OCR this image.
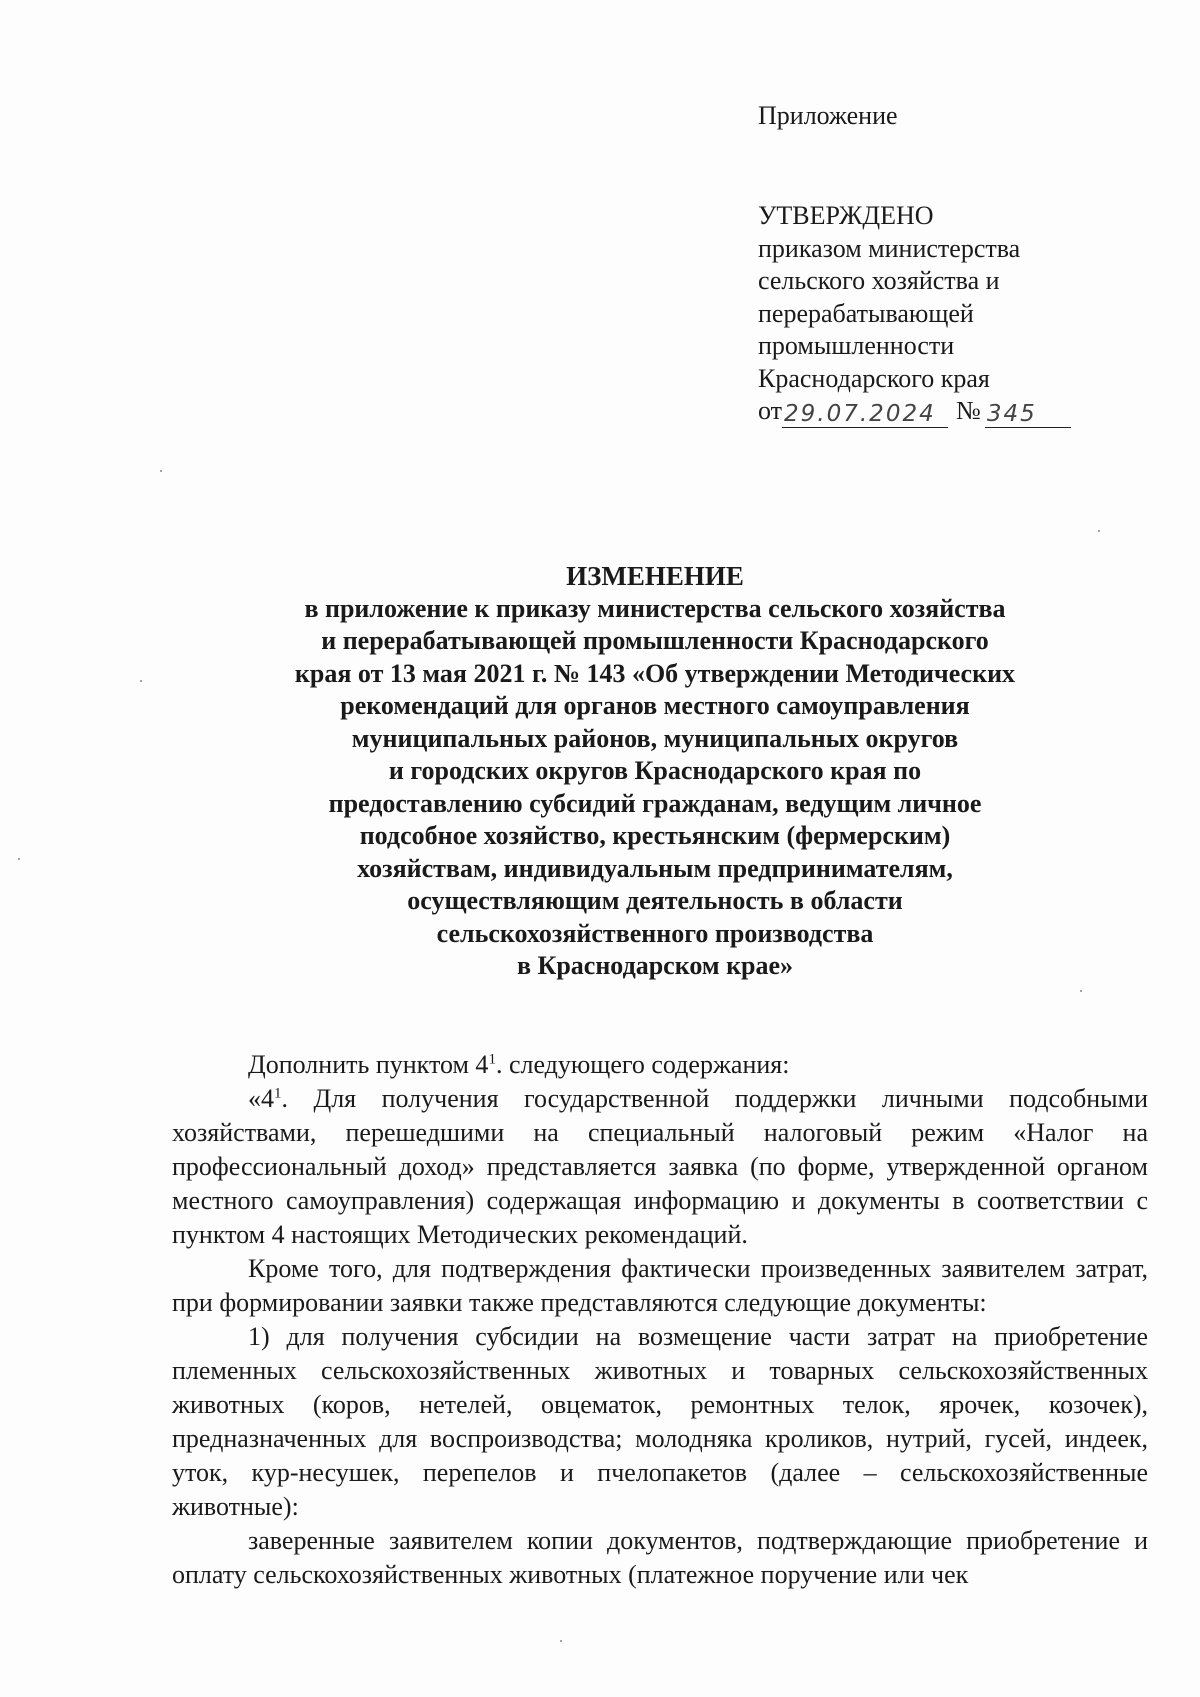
Приложение
УТВЕРЖДЕНО
приказом министерства
сельского хозяйства и
перерабатывающей
промышленности
Краснодарского края
от 29.07.2024 № 345
ИЗМЕНЕНИЕ
в приложение к приказу министерства сельского хозяйства
и перерабатывающей промышленности Краснодарского
края от 13 мая 2021 г. № 143 «Об утверждении Методических
рекомендаций для органов местного самоуправления
муниципальных районов, муниципальных округов
и городских округов Краснодарского края по
предоставлению субсидий гражданам, ведущим личное
подсобное хозяйство, крестьянским (фермерским)
хозяйствам, индивидуальным предпринимателям,
осуществляющим деятельность в области
сельскохозяйственного производства
в Краснодарском крае»

Дополнить пунктом $4^1$. следующего содержания:

«$4^1$. Для получения государственной поддержки личными подсобными хозяйствами, перешедшими на специальный налоговый режим «Налог на профессиональный доход» представляется заявка (по форме, утвержденной органом местного самоуправления) содержащая информацию и документы в соответствии с пунктом 4 настоящих Методических рекомендаций.

Кроме того, для подтверждения фактически произведенных заявителем затрат, при формировании заявки также представляются следующие документы:

1) для получения субсидии на возмещение части затрат на приобретение племенных сельскохозяйственных животных и товарных сельскохозяйственных животных (коров, нетелей, овцематок, ремонтных телок, ярочек, козочек), предназначенных для воспроизводства; молодняка кроликов, нутрий, гусей, индеек, уток, кур-несушек, перепелов и пчелопакетов (далее – сельскохозяйственные животные):

заверенные заявителем копии документов, подтверждающие приобретение и оплату сельскохозяйственных животных (платежное поручение или чек
